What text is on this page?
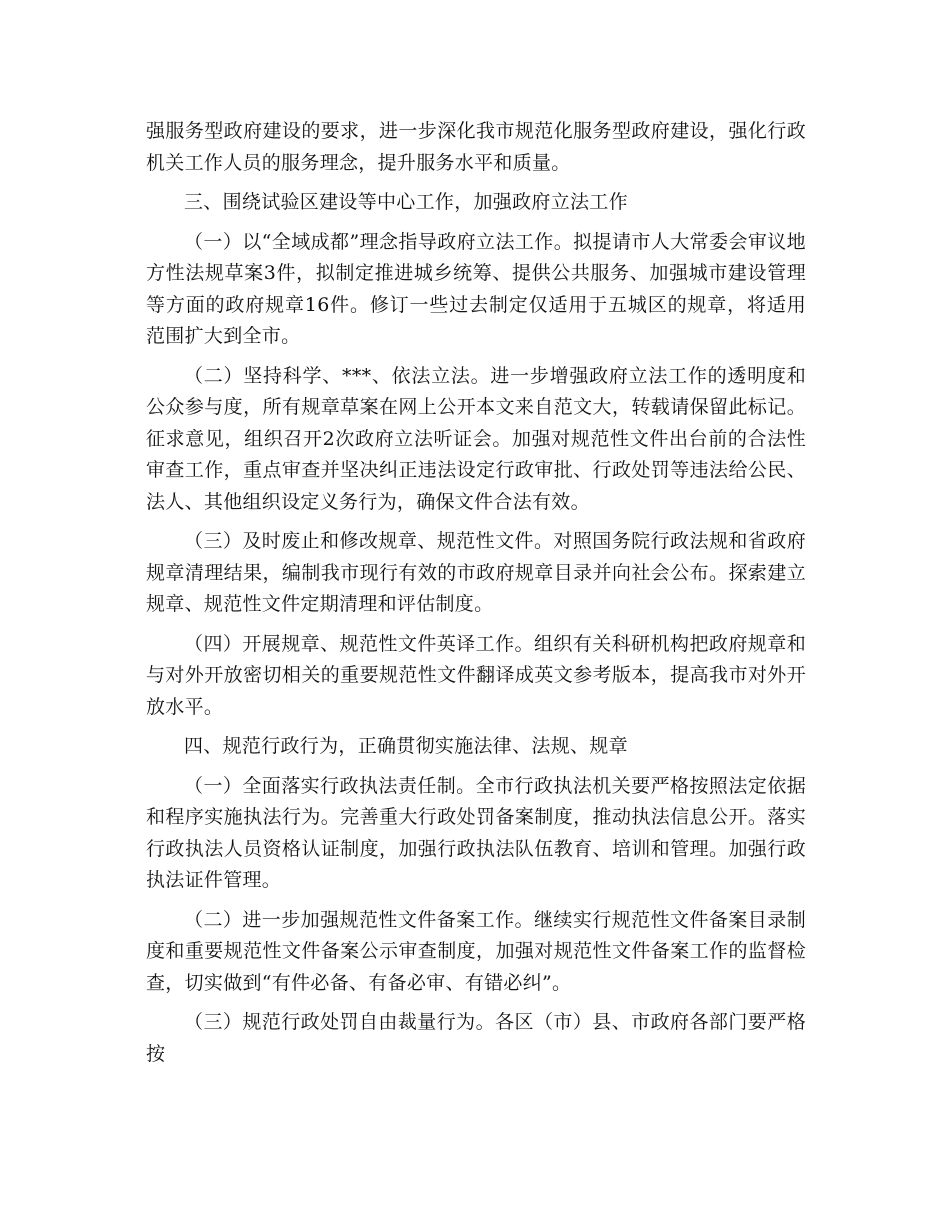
强服务型政府建设的要求，进一步深化我市规范化服务型政府建设，强化行政机关工作人员的服务理念，提升服务水平和质量。

三、围绕试验区建设等中心工作，加强政府立法工作

（一）以“全域成都”理念指导政府立法工作。拟提请市人大常委会审议地方性法规草案3件，拟制定推进城乡统筹、提供公共服务、加强城市建设管理等方面的政府规章16件。修订一些过去制定仅适用于五城区的规章，将适用范围扩大到全市。

（二）坚持科学、***、依法立法。进一步增强政府立法工作的透明度和公众参与度，所有规章草案在网上公开本文来自范文大，转载请保留此标记。征求意见，组织召开2次政府立法听证会。加强对规范性文件出台前的合法性审查工作，重点审查并坚决纠正违法设定行政审批、行政处罚等违法给公民、法人、其他组织设定义务行为，确保文件合法有效。

（三）及时废止和修改规章、规范性文件。对照国务院行政法规和省政府规章清理结果，编制我市现行有效的市政府规章目录并向社会公布。探索建立规章、规范性文件定期清理和评估制度。

（四）开展规章、规范性文件英译工作。组织有关科研机构把政府规章和与对外开放密切相关的重要规范性文件翻译成英文参考版本，提高我市对外开放水平。

四、规范行政行为，正确贯彻实施法律、法规、规章

（一）全面落实行政执法责任制。全市行政执法机关要严格按照法定依据和程序实施执法行为。完善重大行政处罚备案制度，推动执法信息公开。落实行政执法人员资格认证制度，加强行政执法队伍教育、培训和管理。加强行政执法证件管理。

（二）进一步加强规范性文件备案工作。继续实行规范性文件备案目录制度和重要规范性文件备案公示审查制度，加强对规范性文件备案工作的监督检查，切实做到“有件必备、有备必审、有错必纠”。

（三）规范行政处罚自由裁量行为。各区（市）县、市政府各部门要严格按
